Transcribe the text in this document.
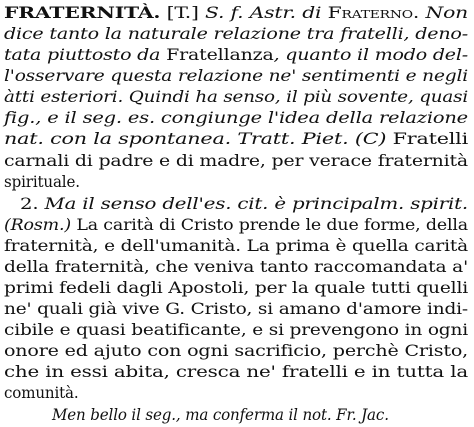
FRATERNITÀ. [T.] S. f. Astr. di Fraterno. Non
dice tanto la naturale relazione tra fratelli, deno-
tata piuttosto da Fratellanza, quanto il modo del-
l'osservare questa relazione ne' sentimenti e negli
àtti esteriori. Quindi ha senso, il più sovente, quasi
fig., e il seg. es. congiunge l'idea della relazione
nat. con la spontanea. Tratt. Piet. (C) Fratelli
carnali di padre e di madre, per verace fraternità
spirituale.
2. Ma il senso dell'es. cit. è principalm. spirit.
(Rosm.) La carità di Cristo prende le due forme, della
fraternità, e dell'umanità. La prima è quella carità
della fraternità, che veniva tanto raccomandata a'
primi fedeli dagli Apostoli, per la quale tutti quelli
ne' quali già vive G. Cristo, si amano d'amore indi-
cibile e quasi beatificante, e si prevengono in ogni
onore ed ajuto con ogni sacrificio, perchè Cristo,
che in essi abita, cresca ne' fratelli e in tutta la
comunità.
Men bello il seg., ma conferma il not. Fr. Jac.
